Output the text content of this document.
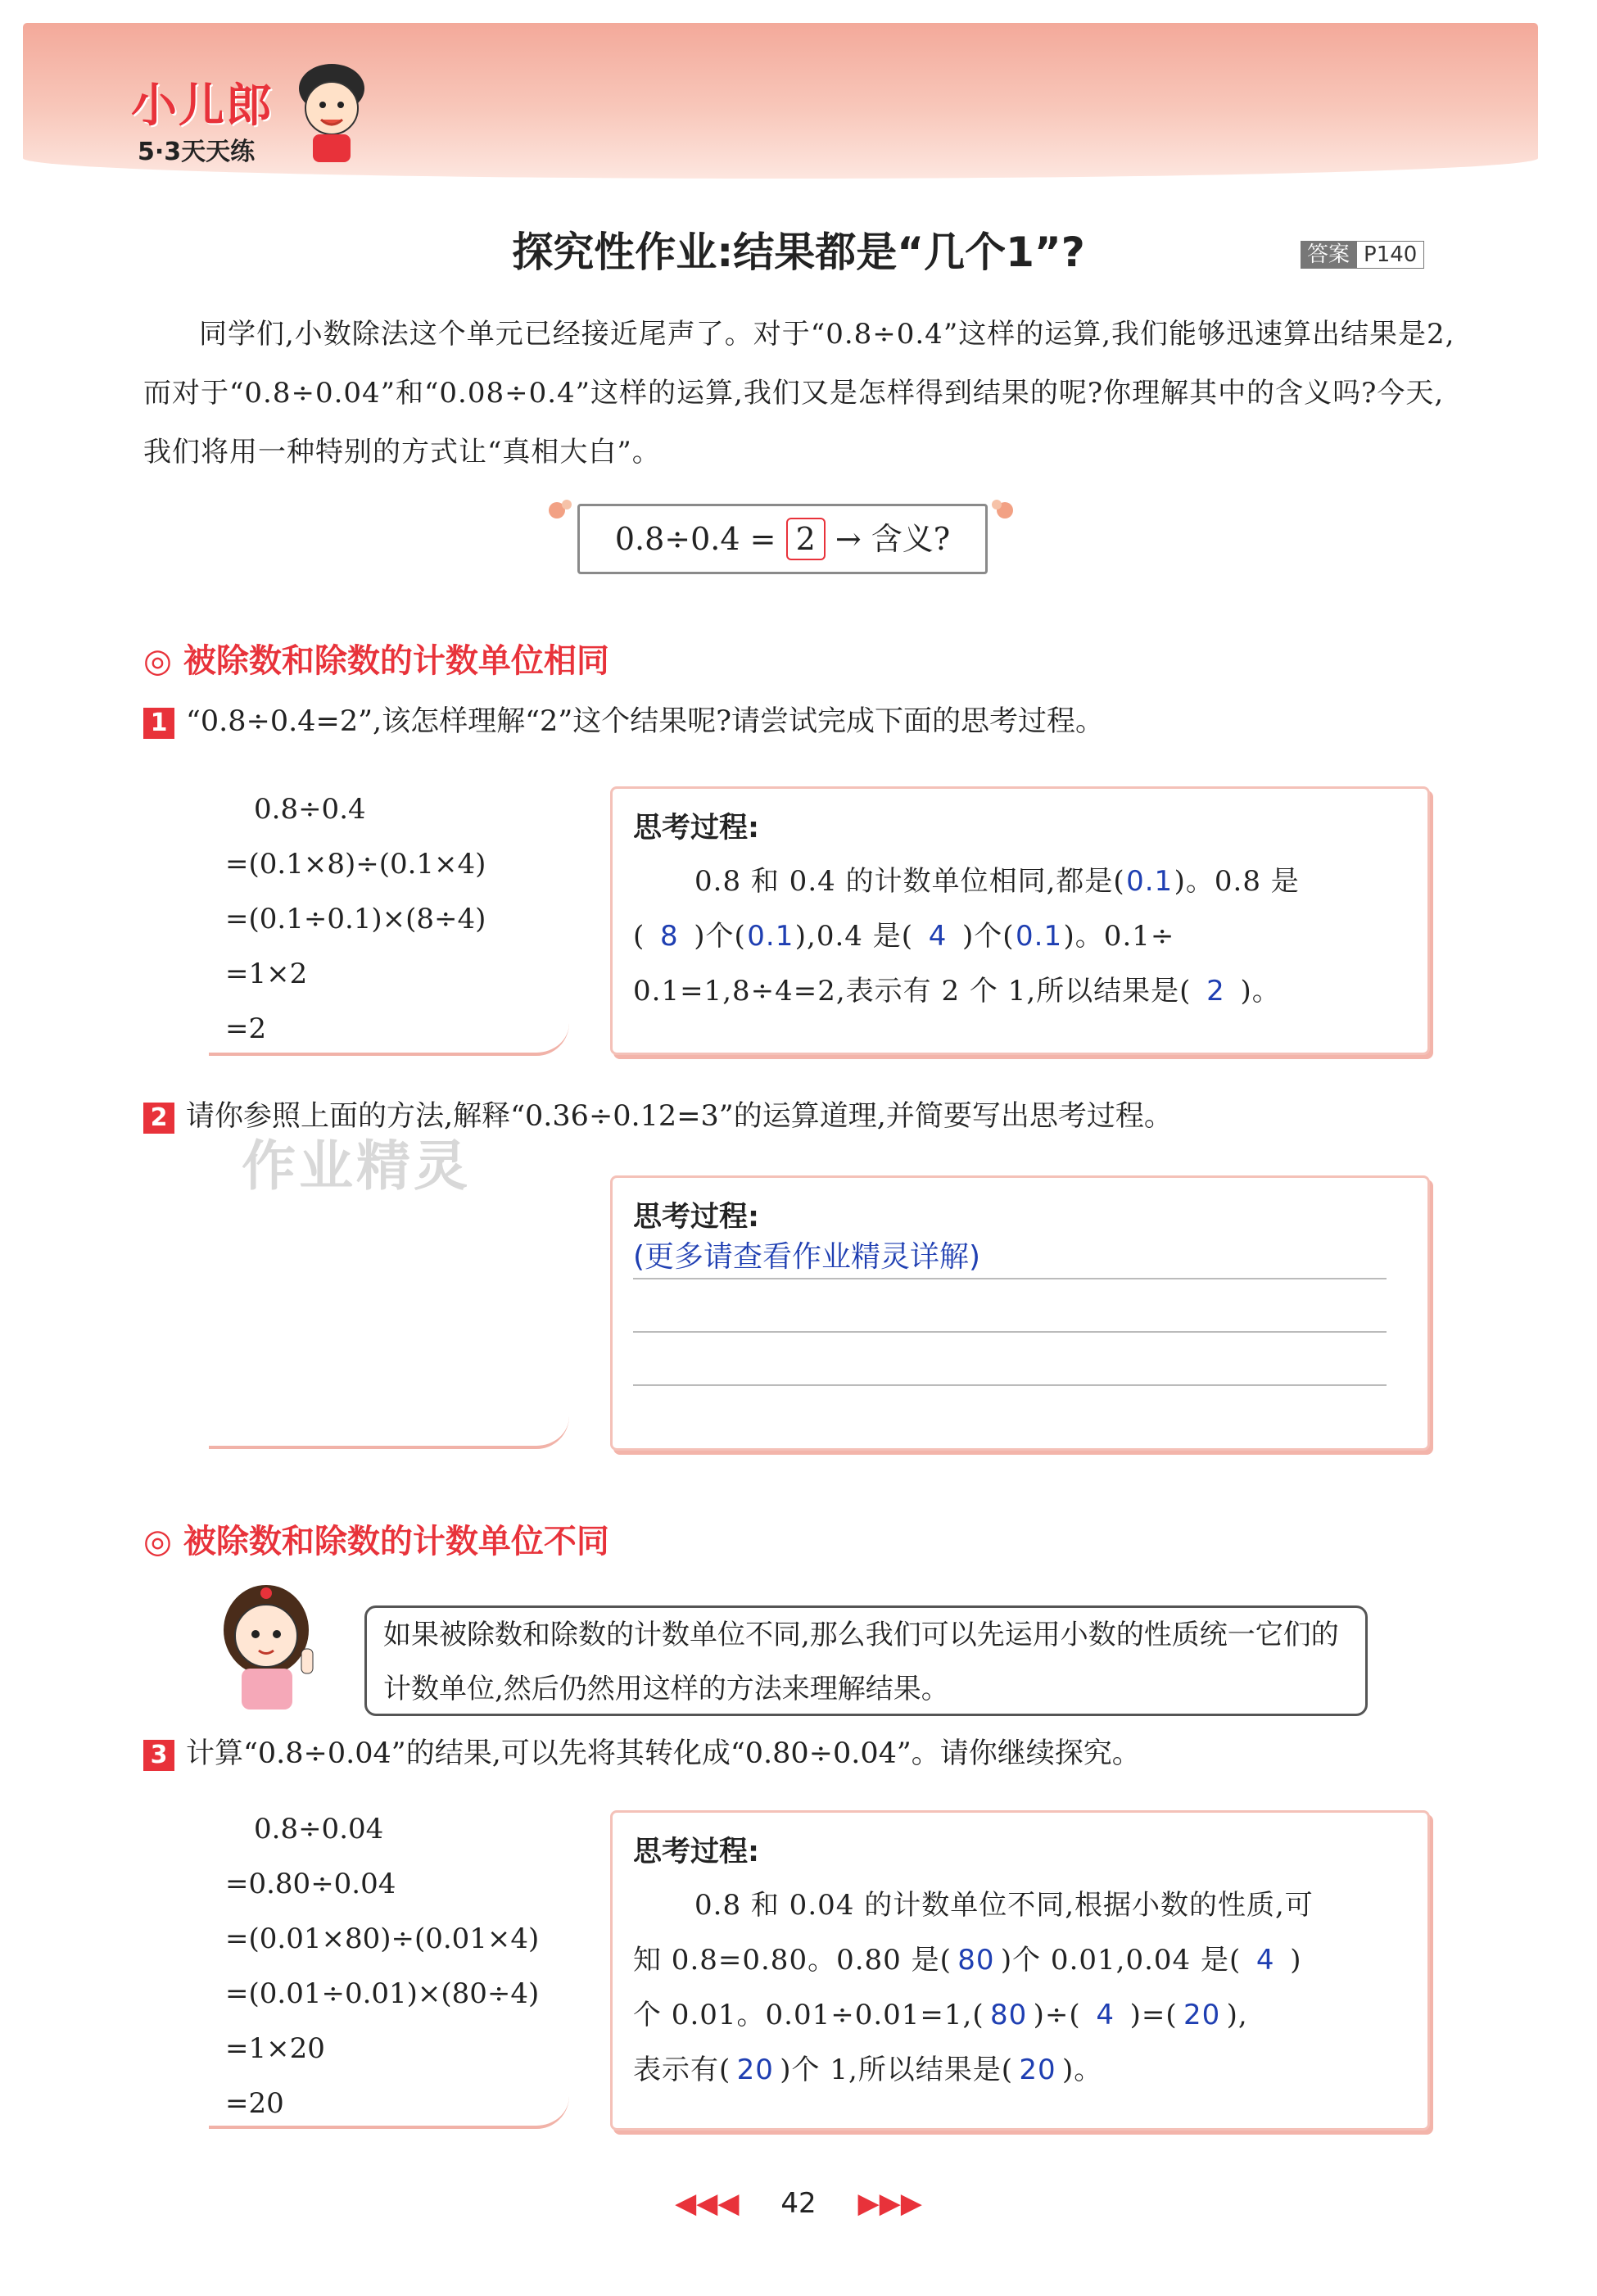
小儿郎
5·3天天练
探究性作业:结果都是“几个1”?	答案 P140
同学们,小数除法这个单元已经接近尾声了。对于“0.8÷0.4”这样的运算,我们能够迅速算出结果是2,而对于“0.8÷0.04”和“0.08÷0.4”这样的运算,我们又是怎样得到结果的呢?你理解其中的含义吗?今天,我们将用一种特别的方式让“真相大白”。
0.8÷0.4 = 2 → 含义?
◎ 被除数和除数的计数单位相同
1 “0.8÷0.4=2”,该怎样理解“2”这个结果呢?请尝试完成下面的思考过程。
0.8÷0.4
=(0.1×8)÷(0.1×4)
=(0.1÷0.1)×(8÷4)
=1×2
=2
思考过程:
0.8 和 0.4 的计数单位相同,都是(0.1)。0.8 是
( 8 )个(0.1),0.4 是( 4 )个(0.1)。0.1÷
0.1=1,8÷4=2,表示有 2 个 1,所以结果是( 2 )。
2 请你参照上面的方法,解释“0.36÷0.12=3”的运算道理,并简要写出思考过程。
作业精灵
思考过程:
(更多请查看作业精灵详解)
◎ 被除数和除数的计数单位不同
如果被除数和除数的计数单位不同,那么我们可以先运用小数的性质统一它们的计数单位,然后仍然用这样的方法来理解结果。
3 计算“0.8÷0.04”的结果,可以先将其转化成“0.80÷0.04”。请你继续探究。
0.8÷0.04
=0.80÷0.04
=(0.01×80)÷(0.01×4)
=(0.01÷0.01)×(80÷4)
=1×20
=20
思考过程:
0.8 和 0.04 的计数单位不同,根据小数的性质,可
知 0.8=0.80。0.80 是( 80 )个 0.01,0.04 是( 4 )
个 0.01。0.01÷0.01=1,( 80 )÷( 4 )=( 20 ),
表示有( 20 )个 1,所以结果是( 20 )。
◀◀◀ 42 ▶▶▶
